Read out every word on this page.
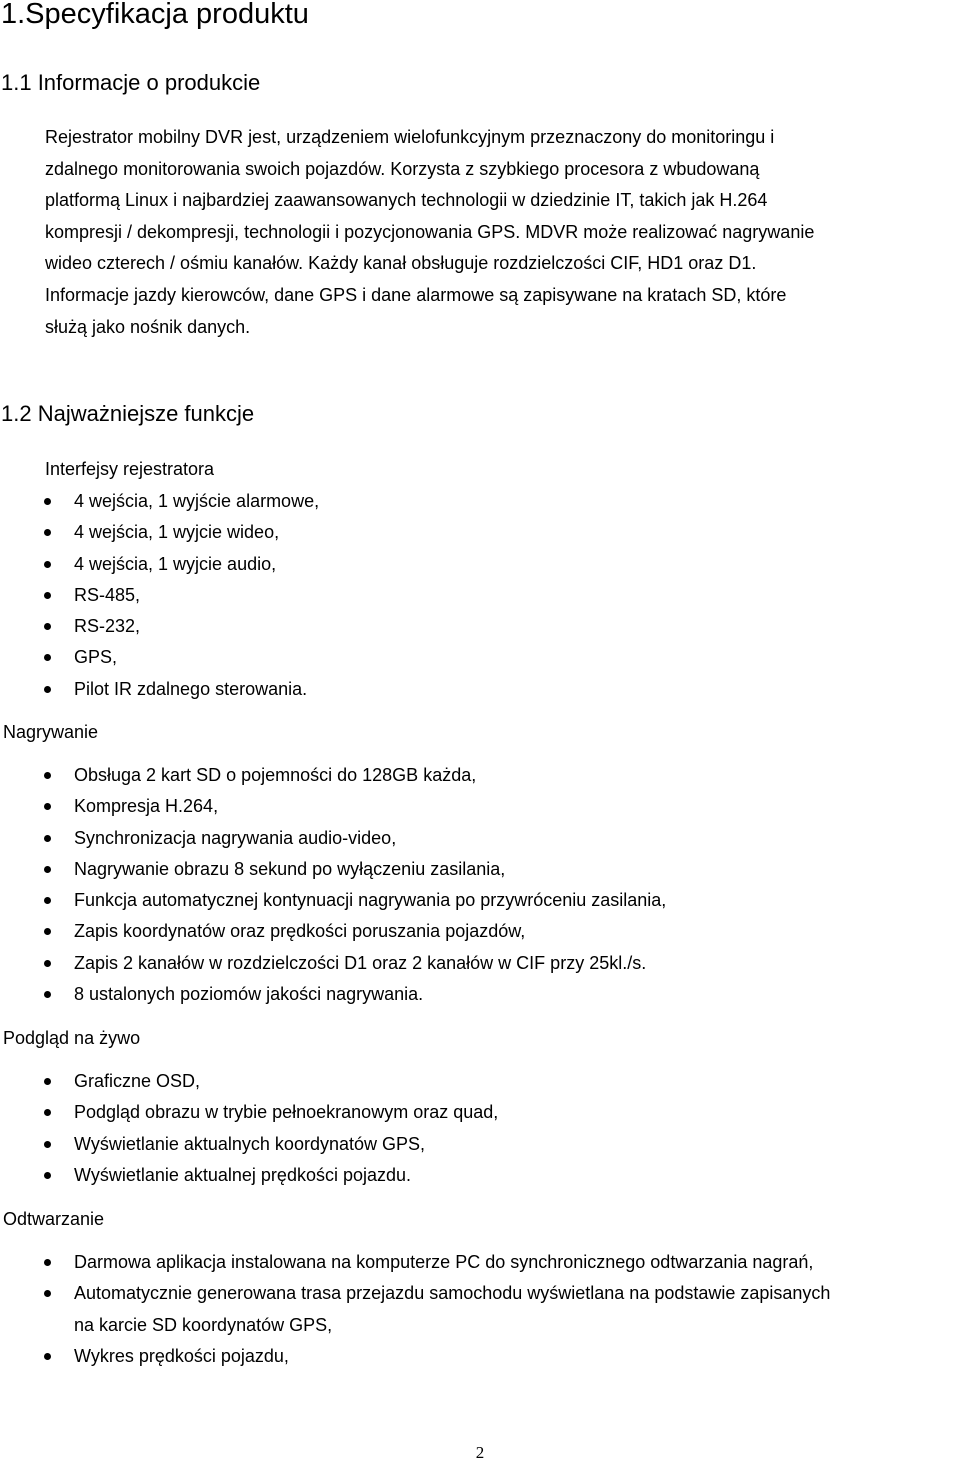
1.Specyfikacja produktu
1.1 Informacje o produkcie

Rejestrator mobilny DVR jest, urządzeniem wielofunkcyjnym przeznaczony do monitoringu i

zdalnego monitorowania swoich pojazdów. Korzysta z szybkiego procesora z wbudowaną

platformą Linux i najbardziej zaawansowanych technologii w dziedzinie IT, takich jak H.264

kompresji / dekompresji, technologii i pozycjonowania GPS. MDVR może realizować nagrywanie

wideo czterech / ośmiu kanałów. Każdy kanał obsługuje rozdzielczości CIF, HD1 oraz D1.

Informacje jazdy kierowców, dane GPS i dane alarmowe są zapisywane na kratach SD, które

służą jako nośnik danych.

1.2 Najważniejsze funkcje
Interfejsy rejestratora
4 wejścia, 1 wyjście alarmowe,
4 wejścia, 1 wyjcie wideo,
4 wejścia, 1 wyjcie audio,
RS-485,
RS-232,
GPS,
Pilot IR zdalnego sterowania.
Nagrywanie
Obsługa 2 kart SD o pojemności do 128GB każda,
Kompresja H.264,
Synchronizacja nagrywania audio-video,
Nagrywanie obrazu 8 sekund po wyłączeniu zasilania,
Funkcja automatycznej kontynuacji nagrywania po przywróceniu zasilania,
Zapis koordynatów oraz prędkości poruszania pojazdów,
Zapis 2 kanałów w rozdzielczości D1 oraz 2 kanałów w CIF przy 25kl./s.
8 ustalonych poziomów jakości nagrywania.
Podgląd na żywo
Graficzne OSD,
Podgląd obrazu w trybie pełnoekranowym oraz quad,
Wyświetlanie aktualnych koordynatów GPS,
Wyświetlanie aktualnej prędkości pojazdu.
Odtwarzanie
Darmowa aplikacja instalowana na komputerze PC do synchronicznego odtwarzania nagrań,
Automatycznie generowana trasa przejazdu samochodu wyświetlana na podstawie zapisanych
na karcie SD koordynatów GPS,
Wykres prędkości pojazdu,
2
